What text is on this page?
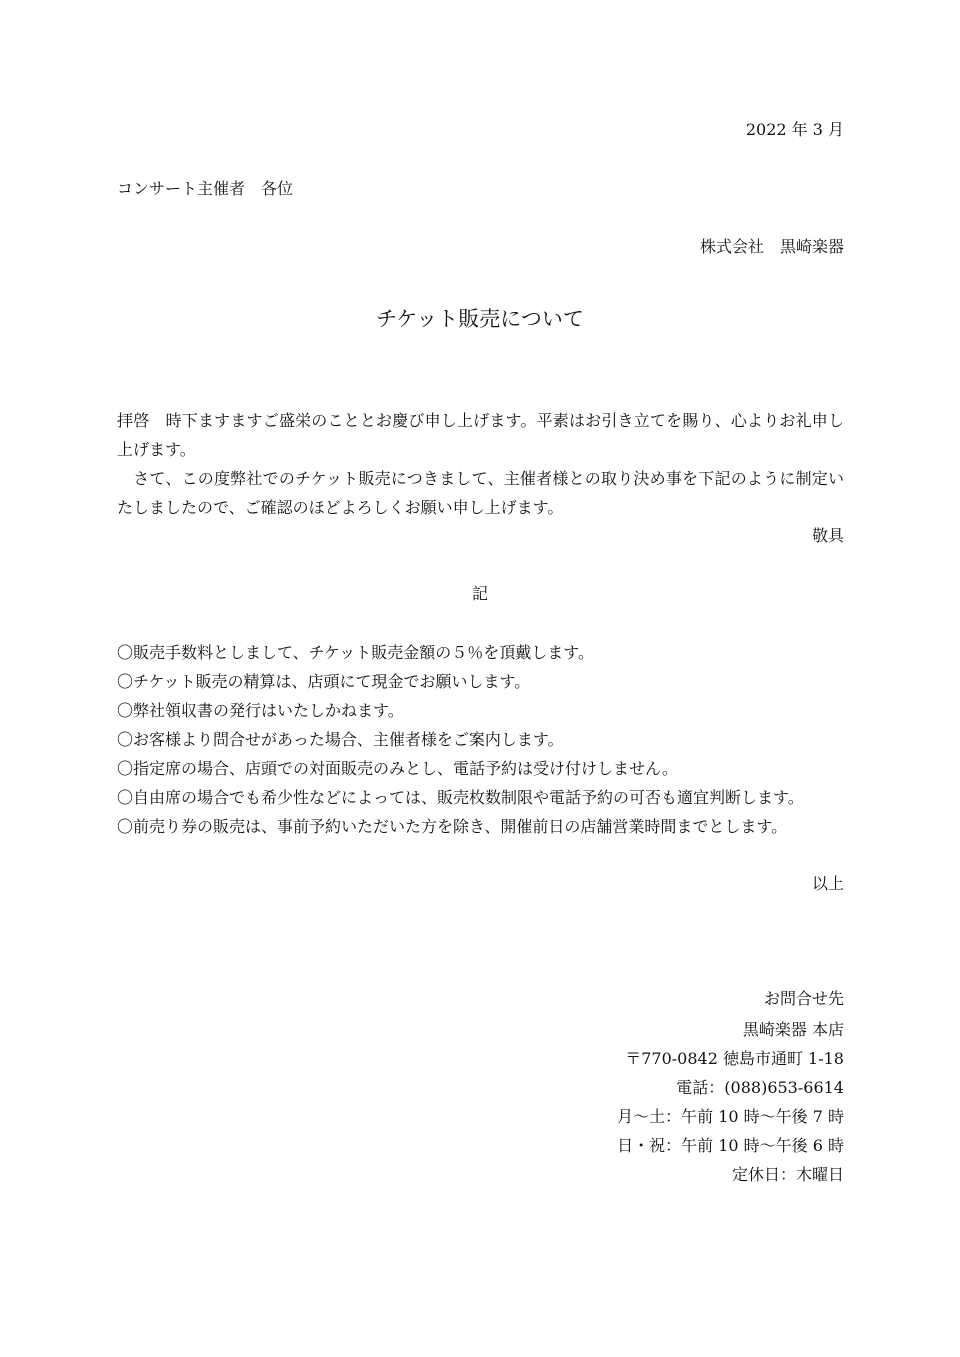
2022 年 3 月
コンサート主催者　各位
株式会社　黒崎楽器
チケット販売について

拝啓　時下ますますご盛栄のこととお慶び申し上げます。平素はお引き立てを賜り、心よりお礼申し上げます。

　さて、この度弊社でのチケット販売につきまして、主催者様との取り決め事を下記のように制定いたしましたので、ご確認のほどよろしくお願い申し上げます。

敬具
記
〇販売手数料としまして、チケット販売金額の５％を頂戴します。
〇チケット販売の精算は、店頭にて現金でお願いします。
〇弊社領収書の発行はいたしかねます。
〇お客様より問合せがあった場合、主催者様をご案内します。
〇指定席の場合、店頭での対面販売のみとし、電話予約は受け付けしません。
〇自由席の場合でも希少性などによっては、販売枚数制限や電話予約の可否も適宜判断します。
〇前売り券の販売は、事前予約いただいた方を除き、開催前日の店舗営業時間までとします。
以上
お問合せ先
黒崎楽器 本店
〒770-0842 徳島市通町 1-18
電話：(088)653-6614
月～土：午前 10 時～午後 7 時
日・祝：午前 10 時～午後 6 時
定休日：木曜日
